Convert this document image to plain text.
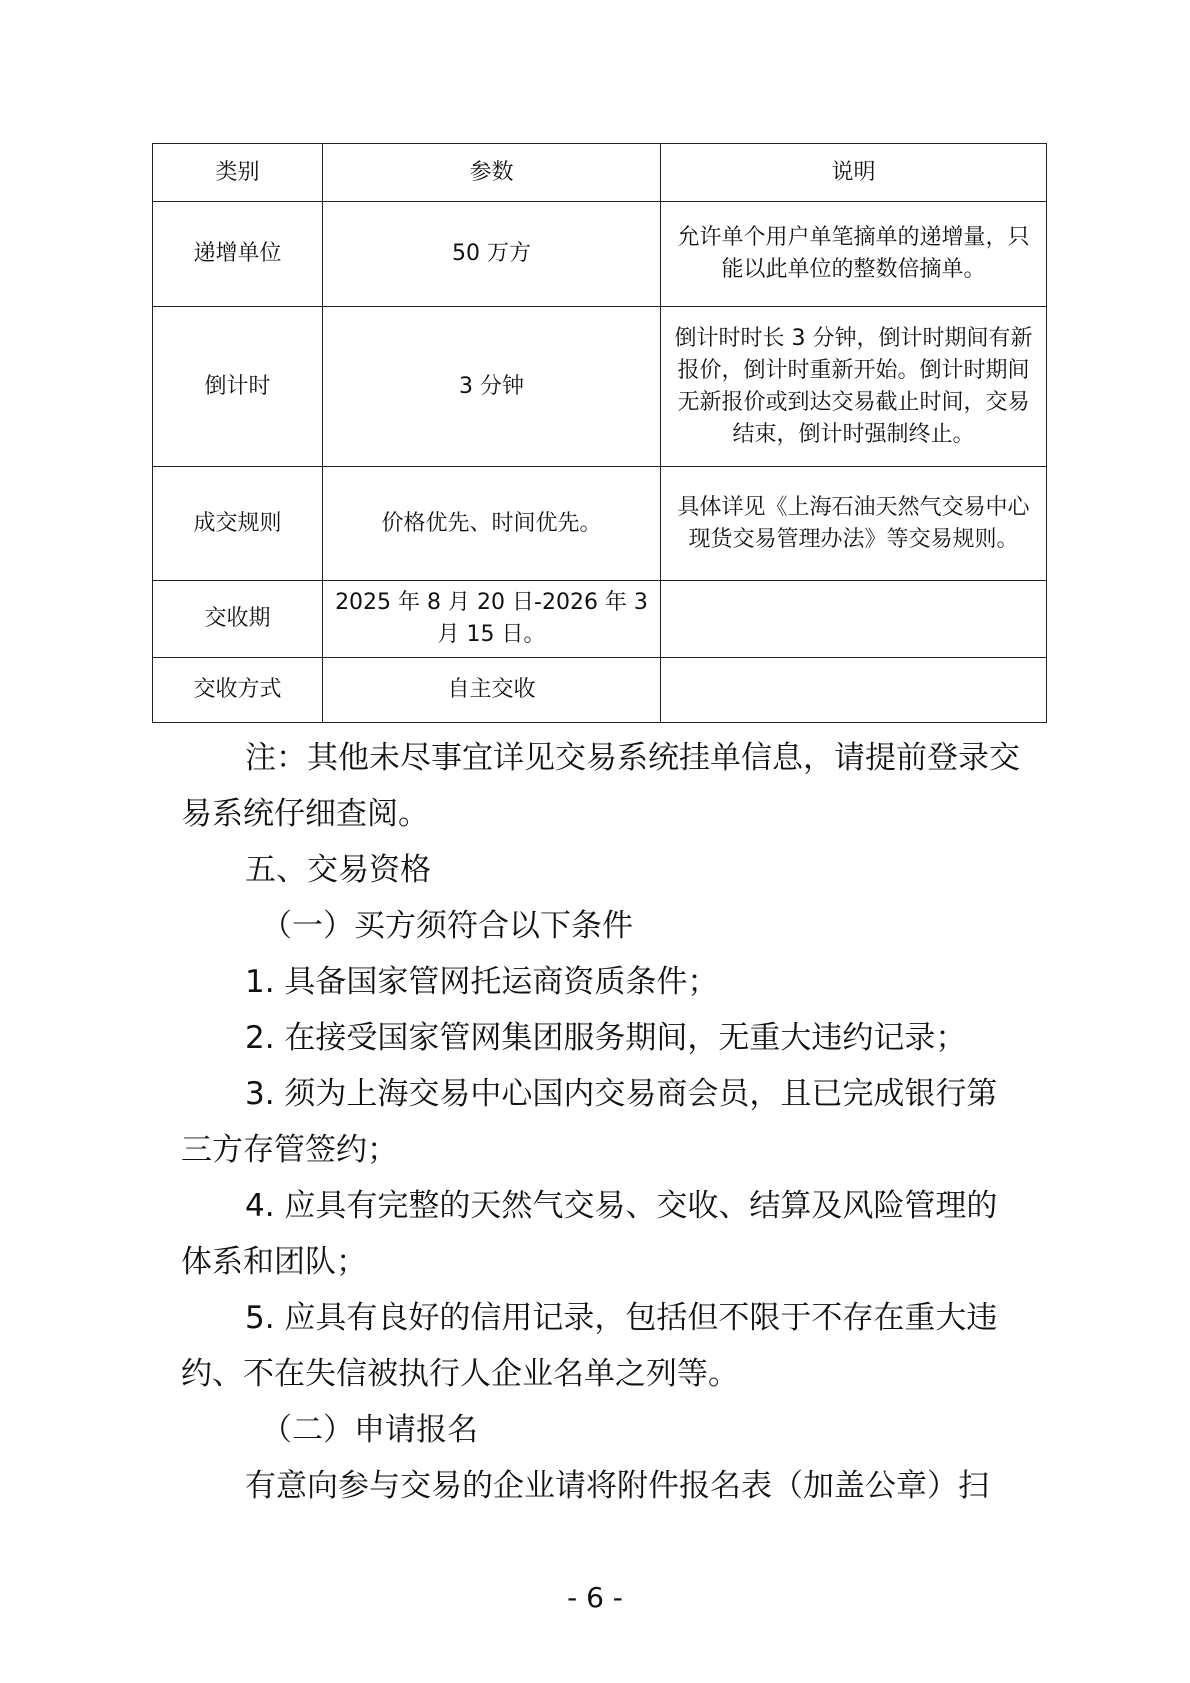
类别	参数	说明
递增单位	50 万方	允许单个用户单笔摘单的递增量，只能以此单位的整数倍摘单。
倒计时	3 分钟	倒计时时长 3 分钟，倒计时期间有新报价，倒计时重新开始。倒计时期间无新报价或到达交易截止时间，交易结束，倒计时强制终止。
成交规则	价格优先、时间优先。	具体详见《上海石油天然气交易中心现货交易管理办法》等交易规则。
交收期	2025 年 8 月 20 日-2026 年 3 月 15 日。	
交收方式	自主交收	

注：其他未尽事宜详见交易系统挂单信息，请提前登录交易系统仔细查阅。

五、交易资格

（一）买方须符合以下条件

1. 具备国家管网托运商资质条件；

2. 在接受国家管网集团服务期间，无重大违约记录；

3. 须为上海交易中心国内交易商会员，且已完成银行第三方存管签约；

4. 应具有完整的天然气交易、交收、结算及风险管理的体系和团队；

5. 应具有良好的信用记录，包括但不限于不存在重大违约、不在失信被执行人企业名单之列等。

（二）申请报名

有意向参与交易的企业请将附件报名表（加盖公章）扫

- 6 -
